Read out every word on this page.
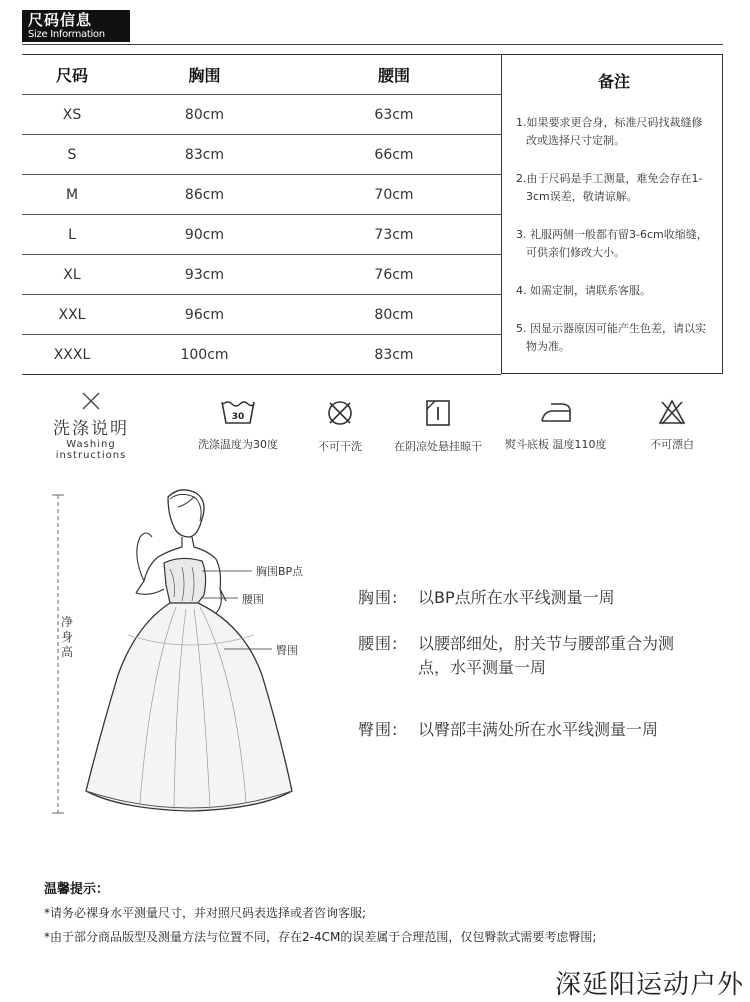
尺码信息
Size Information
尺码	胸围	腰围
XS	80cm	63cm
S	83cm	66cm
M	86cm	70cm
L	90cm	73cm
XL	93cm	76cm
XXL	96cm	80cm
XXXL	100cm	83cm
备注
1.如果要求更合身，标准尺码找裁缝修改或选择尺寸定制。
2.由于尺码是手工测量，难免会存在1-3cm误差，敬请谅解。
3. 礼服两侧一般都有留3-6cm收缩缝，可供亲们修改大小。
4. 如需定制，请联系客服。
5. 因显示器原因可能产生色差，请以实物为准。
洗涤说明
Washing instructions
30
洗涤温度为30度	不可干洗	在阴凉处悬挂晾干 熨斗底板 温度110度	不可漂白
胸围BP点
腰围
臀围
净身高
胸围: 以BP点所在水平线测量一周
腰围: 以腰部细处，肘关节与腰部重合为测
点，水平测量一周
臀围: 以臀部丰满处所在水平线测量一周
温馨提示：
*请务必裸身水平测量尺寸，并对照尺码表选择或者咨询客服;
*由于部分商品版型及测量方法与位置不同，存在2-4CM的误差属于合理范围，仅包臀款式需要考虑臀围;
深延阳运动户外
